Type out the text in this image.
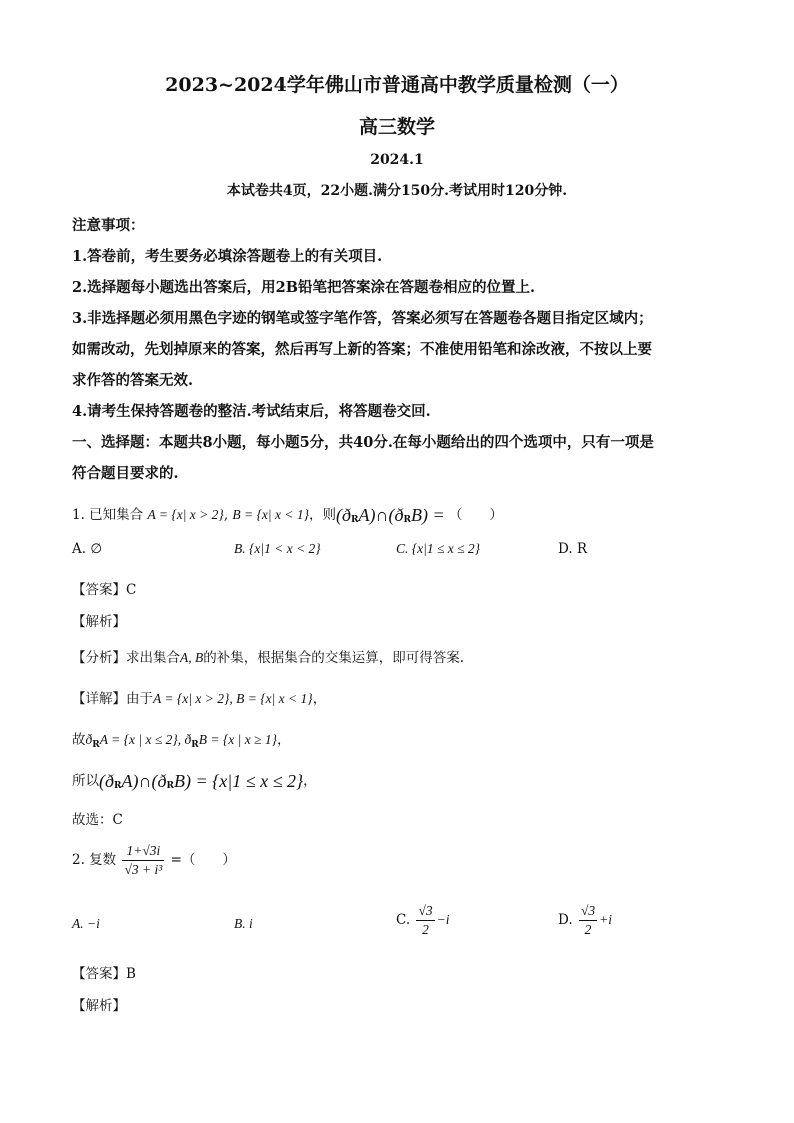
2023~2024学年佛山市普通高中教学质量检测（一）
高三数学
2024.1
本试卷共4页，22小题.满分150分.考试用时120分钟.
注意事项：
1.答卷前，考生要务必填涂答题卷上的有关项目.
2.选择题每小题选出答案后，用2B铅笔把答案涂在答题卷相应的位置上.
3.非选择题必须用黑色字迹的钢笔或签字笔作答，答案必须写在答题卷各题目指定区域内；
如需改动，先划掉原来的答案，然后再写上新的答案；不准使用铅笔和涂改液，不按以上要
求作答的答案无效.
4.请考生保持答题卷的整洁.考试结束后，将答题卷交回.
一、选择题：本题共8小题，每小题5分，共40分.在每小题给出的四个选项中，只有一项是
符合题目要求的.
1. 已知集合 A = {x| x > 2}, B = {x| x < 1}，则$(ð_RA)\cap(ð_RB)$ = （　　）
A. ∅	B. {x|1 < x < 2}	C. {x|1 ≤ x ≤ 2}	D. R
【答案】C
【解析】
【分析】求出集合A, B的补集，根据集合的交集运算，即可得答案.
【详解】由于A = {x| x > 2}, B = {x| x < 1}，
故$ð_RA = \{x$ | x ≤ 2}, $ð_RB = \{x$ | x ≥ 1}，
所以$(ð_RA)\cap(ð_RB) = \{x|1 \le x \le 2\}$，
故选：C
2. 复数 $\frac{1+√3i}{\text{√3 + i³}}$ =（　　）
A. −i	B. i	C. $\frac{√3}{2} -i$	D. $\frac{√3}{2} +i$
【答案】B
【解析】
